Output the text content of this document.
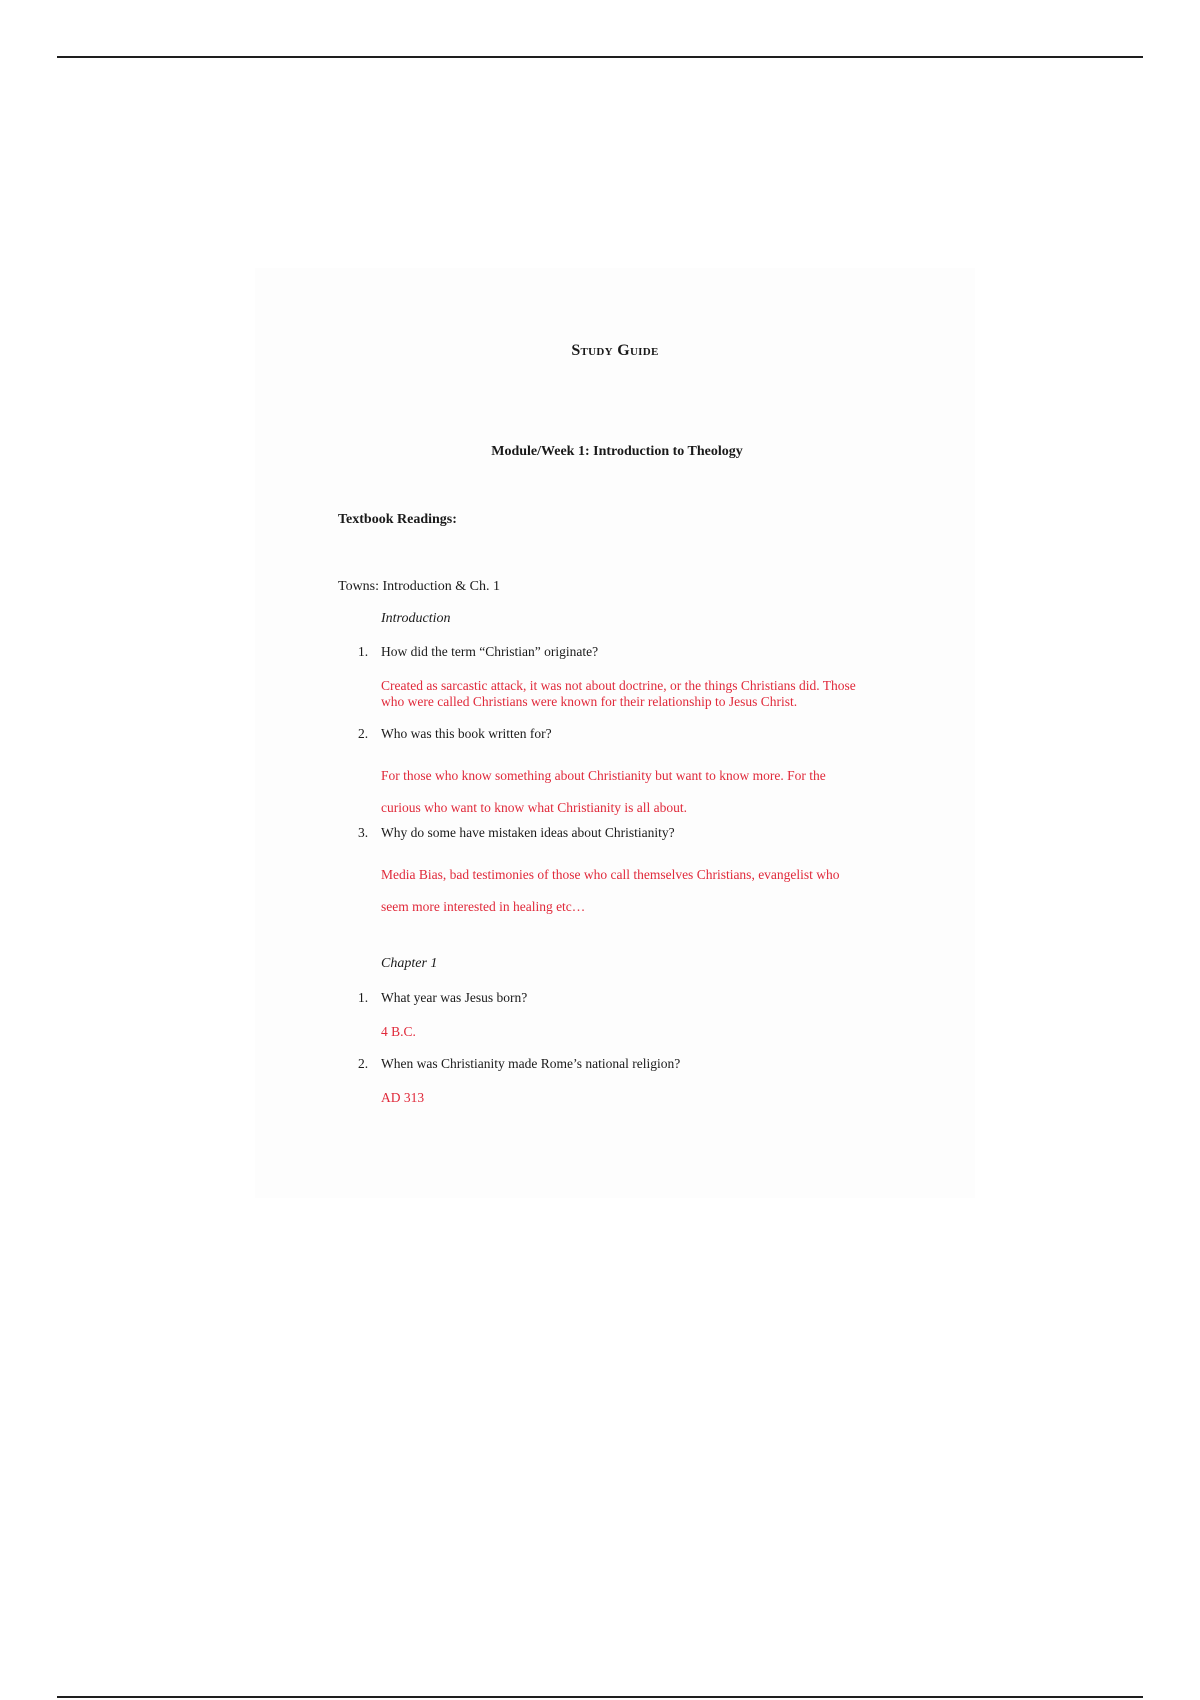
Study Guide
Module/Week 1: Introduction to Theology
Textbook Readings:
Towns: Introduction & Ch. 1
Introduction
1. How did the term “Christian” originate?
Created as sarcastic attack, it was not about doctrine, or the things Christians did. Those
who were called Christians were known for their relationship to Jesus Christ.
2. Who was this book written for?
For those who know something about Christianity but want to know more. For the
curious who want to know what Christianity is all about.
3. Why do some have mistaken ideas about Christianity?
Media Bias, bad testimonies of those who call themselves Christians, evangelist who
seem more interested in healing etc…
Chapter 1
1. What year was Jesus born?
4 B.C.
2. When was Christianity made Rome’s national religion?
AD 313
